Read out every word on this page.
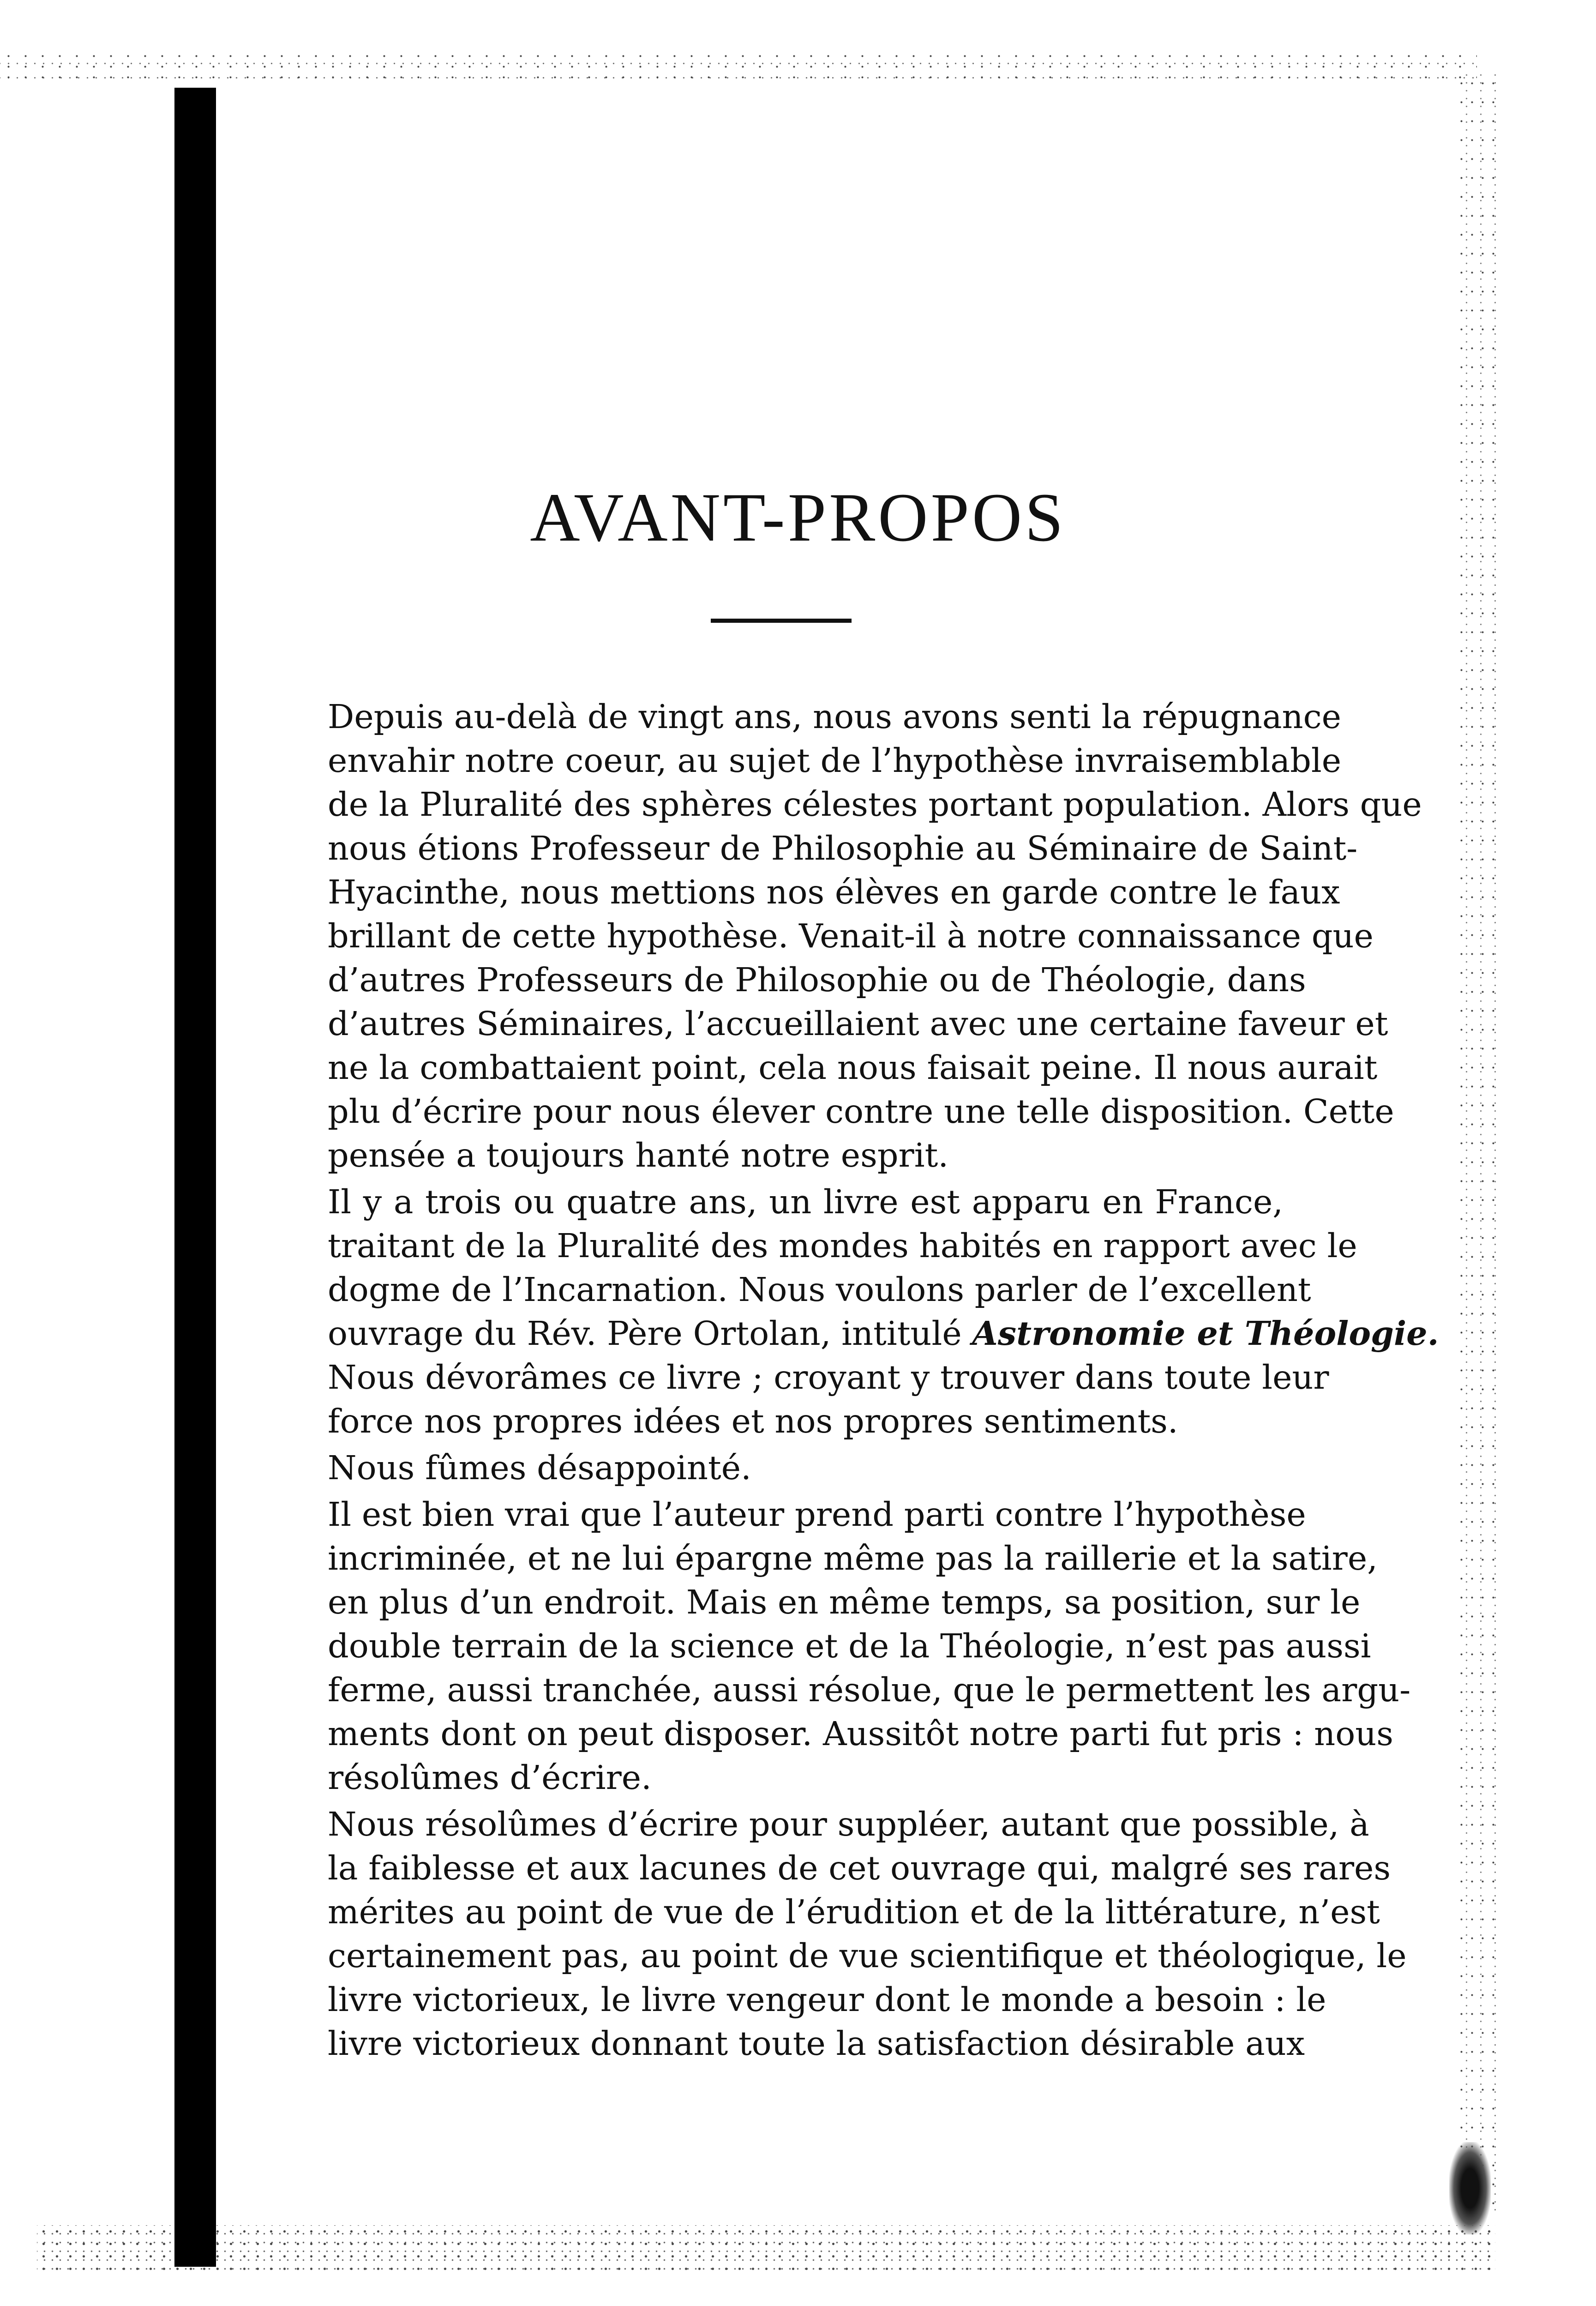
AVANT-PROPOS
Depuis au-delà de vingt ans, nous avons senti la répugnance
envahir notre coeur, au sujet de l’hypothèse invraisemblable
de la Pluralité des sphères célestes portant population. Alors que
nous étions Professeur de Philosophie au Séminaire de Saint-
Hyacinthe, nous mettions nos élèves en garde contre le faux
brillant de cette hypothèse. Venait-il à notre connaissance que
d’autres Professeurs de Philosophie ou de Théologie, dans
d’autres Séminaires, l’accueillaient avec une certaine faveur et
ne la combattaient point, cela nous faisait peine. Il nous aurait
plu d’écrire pour nous élever contre une telle disposition. Cette
pensée a toujours hanté notre esprit.
Il y a trois ou quatre ans, un livre est apparu en France,
traitant de la Pluralité des mondes habités en rapport avec le
dogme de l’Incarnation. Nous voulons parler de l’excellent
ouvrage du Rév. Père Ortolan, intitulé Astronomie et Théologie.
Nous dévorâmes ce livre ; croyant y trouver dans toute leur
force nos propres idées et nos propres sentiments.
Nous fûmes désappointé.
Il est bien vrai que l’auteur prend parti contre l’hypothèse
incriminée, et ne lui épargne même pas la raillerie et la satire,
en plus d’un endroit. Mais en même temps, sa position, sur le
double terrain de la science et de la Théologie, n’est pas aussi
ferme, aussi tranchée, aussi résolue, que le permettent les argu-
ments dont on peut disposer. Aussitôt notre parti fut pris : nous
résolûmes d’écrire.
Nous résolûmes d’écrire pour suppléer, autant que possible, à
la faiblesse et aux lacunes de cet ouvrage qui, malgré ses rares
mérites au point de vue de l’érudition et de la littérature, n’est
certainement pas, au point de vue scientifique et théologique, le
livre victorieux, le livre vengeur dont le monde a besoin : le
livre victorieux donnant toute la satisfaction désirable aux
